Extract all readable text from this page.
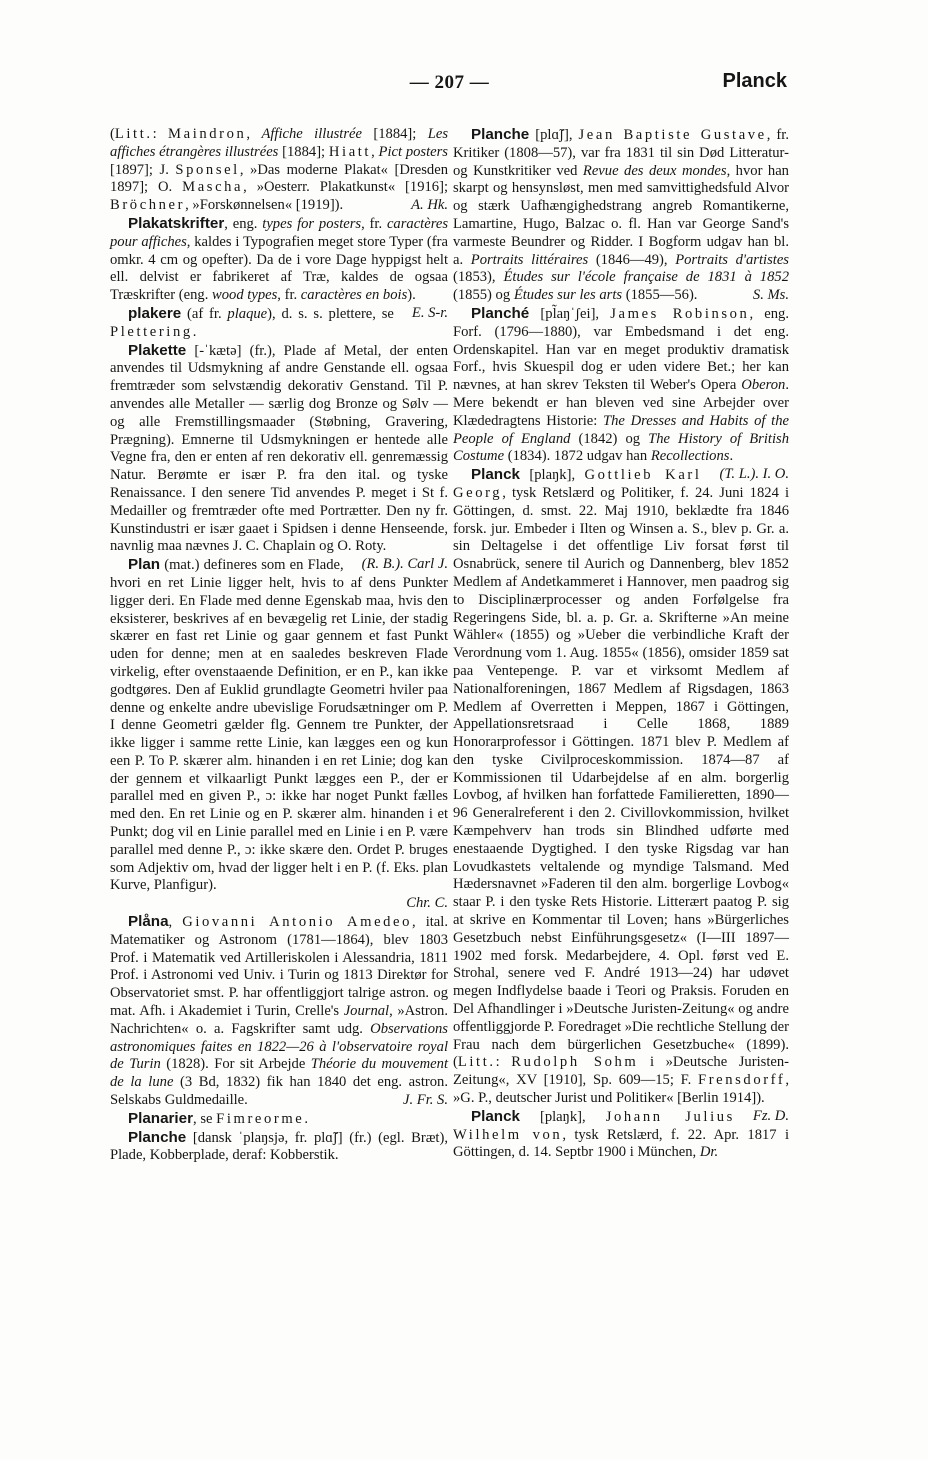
— 207 —	Planck

(Litt.: Maindron, Affiche illustrée [1884]; Les affiches étrangères illustrées [1884]; Hiatt, Pict posters [1897]; J. Sponsel, »Das moderne Plakat« [Dresden 1897]; O. Mascha, »Oesterr. Plakatkunst« [1916]; Bröchner, »Forskønnelsen« [1919]).	A. Hk.

Plakatskrifter, eng. types for posters, fr. caractères pour affiches, kaldes i Typografien meget store Typer (fra omkr. 4 cm og opefter). Da de i vore Dage hyppigst helt ell. delvist er fabrikeret af Træ, kaldes de ogsaa Træskrifter (eng. wood types, fr. caractères en bois).
E. S-r.

plakere (af fr. plaque), d. s. s. plettere, se Plettering.

Plakette [-ˈkætə] (fr.), Plade af Metal, der enten anvendes til Udsmykning af andre Genstande ell. ogsaa fremtræder som selvstændig dekorativ Genstand. Til P. anvendes alle Metaller — særlig dog Bronze og Sølv — og alle Fremstillingsmaader (Støbning, Gravering, Prægning). Emnerne til Udsmykningen er hentede alle Vegne fra, den er enten af ren dekorativ ell. genremæssig Natur. Berømte er især P. fra den ital. og tyske Renaissance. I den senere Tid anvendes P. meget i St f. Medailler og fremtræder ofte med Portrætter. Den ny fr. Kunstindustri er især gaaet i Spidsen i denne Henseende, navnlig maa nævnes J. C. Chaplain og O. Roty.
(R. B.). Carl J.

Plan (mat.) defineres som en Flade, hvori en ret Linie ligger helt, hvis to af dens Punkter ligger deri. En Flade med denne Egenskab maa, hvis den eksisterer, beskrives af en bevægelig ret Linie, der stadig skærer en fast ret Linie og gaar gennem et fast Punkt uden for denne; men at en saaledes beskreven Flade virkelig, efter ovenstaaende Definition, er en P., kan ikke godtgøres. Den af Euklid grundlagte Geometri hviler paa denne og enkelte andre ubevislige Forudsætninger om P. I denne Geometri gælder flg. Gennem tre Punkter, der ikke ligger i samme rette Linie, kan lægges een og kun een P. To P. skærer alm. hinanden i en ret Linie; dog kan der gennem et vilkaarligt Punkt lægges een P., der er parallel med en given P., ɔ: ikke har noget Punkt fælles med den. En ret Linie og en P. skærer alm. hinanden i et Punkt; dog vil en Linie parallel med en Linie i en P. være parallel med denne P., ɔ: ikke skære den. Ordet P. bruges som Adjektiv om, hvad der ligger helt i en P. (f. Eks. plan Kurve, Planfigur).
Chr. C.

Plåna, Giovanni Antonio Amedeo, ital. Matematiker og Astronom (1781—1864), blev 1803 Prof. i Matematik ved Artilleriskolen i Alessandria, 1811 Prof. i Astronomi ved Univ. i Turin og 1813 Direktør for Observatoriet smst. P. har offentliggjort talrige astron. og mat. Afh. i Akademiet i Turin, Crelle's Journal, »Astron. Nachrichten« o. a. Fagskrifter samt udg. Observations astronomiques faites en 1822—26 à l'observatoire royal de Turin (1828). For sit Arbejde Théorie du mouvement de la lune (3 Bd, 1832) fik han 1840 det eng. astron. Selskabs Guldmedaille.	J. Fr. S.

Planarier, se Fimreorme.

Planche [dansk ˈplaŋsjə, fr. plɑ̃ʃ] (fr.) (egl. Bræt), Plade, Kobberplade, deraf: Kobberstik.

Planche [plɑ̃ʃ], Jean Baptiste Gustave, fr. Kritiker (1808—57), var fra 1831 til sin Død Litteratur- og Kunstkritiker ved Revue des deux mondes, hvor han skarpt og hensynsløst, men med samvittighedsfuld Alvor og stærk Uafhængighedstrang angreb Romantikerne, Lamartine, Hugo, Balzac o. fl. Han var George Sand's varmeste Beundrer og Ridder. I Bogform udgav han bl. a. Portraits littéraires (1846—49), Portraits d'artistes (1853), Études sur l'école française de 1831 à 1852 (1855) og Études sur les arts (1855—56).	S. Ms.

Planché [pl̃aŋˈʃei], James Robinson, eng. Forf. (1796—1880), var Embedsmand i det eng. Ordenskapitel. Han var en meget produktiv dramatisk Forf., hvis Skuespil dog er uden videre Bet.; her kan nævnes, at han skrev Teksten til Weber's Opera Oberon. Mere bekendt er han bleven ved sine Arbejder over Klædedragtens Historie: The Dresses and Habits of the People of England (1842) og The History of British Costume (1834). 1872 udgav han Recollections.
(T. L.). I. O.

Planck [plaŋk], Gottlieb Karl Georg, tysk Retslærd og Politiker, f. 24. Juni 1824 i Göttingen, d. smst. 22. Maj 1910, beklædte fra 1846 forsk. jur. Embeder i Ilten og Winsen a. S., blev p. Gr. a. sin Deltagelse i det offentlige Liv forsat først til Osnabrück, senere til Aurich og Dannenberg, blev 1852 Medlem af Andetkammeret i Hannover, men paadrog sig to Disciplinærprocesser og anden Forfølgelse fra Regeringens Side, bl. a. p. Gr. a. Skrifterne »An meine Wähler« (1855) og »Ueber die verbindliche Kraft der Verordnung vom 1. Aug. 1855« (1856), omsider 1859 sat paa Ventepenge. P. var et virksomt Medlem af Nationalforeningen, 1867 Medlem af Rigsdagen, 1863 Medlem af Overretten i Meppen, 1867 i Göttingen, Appellationsretsraad i Celle 1868, 1889 Honorarprofessor i Göttingen. 1871 blev P. Medlem af den tyske Civilproceskommission. 1874—87 af Kommissionen til Udarbejdelse af en alm. borgerlig Lovbog, af hvilken han forfattede Familieretten, 1890—96 Generalreferent i den 2. Civillovkommission, hvilket Kæmpehverv han trods sin Blindhed udførte med enestaaende Dygtighed. I den tyske Rigsdag var han Lovudkastets veltalende og myndige Talsmand. Med Hædersnavnet »Faderen til den alm. borgerlige Lovbog« staar P. i den tyske Rets Historie. Litterært paatog P. sig at skrive en Kommentar til Loven; hans »Bürgerliches Gesetzbuch nebst Einführungsgesetz« (I—III 1897—1902 med forsk. Medarbejdere, 4. Opl. først ved E. Strohal, senere ved F. André 1913—24) har udøvet megen Indflydelse baade i Teori og Praksis. Foruden en Del Afhandlinger i »Deutsche Juristen-Zeitung« og andre offentliggjorde P. Foredraget »Die rechtliche Stellung der Frau nach dem bürgerlichen Gesetzbuche« (1899). (Litt.: Rudolph Sohm i »Deutsche Juristen-Zeitung«, XV [1910], Sp. 609—15; F. Frensdorff, »G. P., deutscher Jurist und Politiker« [Berlin 1914]).
Fz. D.

Planck [plaŋk], Johann Julius Wilhelm von, tysk Retslærd, f. 22. Apr. 1817 i Göttingen, d. 14. Septbr 1900 i München, Dr.
